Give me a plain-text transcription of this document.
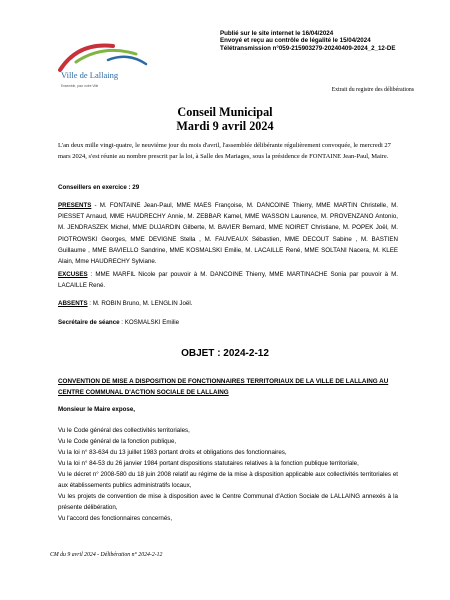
Publié sur le site internet le 16/04/2024
Envoyé et reçu au contrôle de légalité le 15/04/2024
Télétransmission n°059-215903279-20240409-2024_2_12-DE
Ville de Lallaing
Ensemble, pour notre Ville
Extrait du registre des délibérations
Conseil Municipal
Mardi 9 avril 2024
L'an deux mille vingt-quatre, le neuvième jour du mois d'avril, l'assemblée délibérante régulièrement convoquée, le mercredi 27 mars 2024, s'est réunie au nombre prescrit par la loi, à Salle des Mariages, sous la présidence de FONTAINE Jean-Paul, Maire.
Conseillers en exercice : 29
PRESENTS - M. FONTAINE Jean-Paul, MME MAES Françoise, M. DANCOINE Thierry, MME MARTIN Christelle, M. PIESSET Arnaud, MME HAUDRECHY Annie, M. ZEBBAR Kamel, MME WASSON Laurence, M. PROVENZANO Antonio, M. JENDRASZEK Michel, MME DUJARDIN Gilberte, M. BAVIER Bernard, MME NOIRET Christiane, M. POPEK Joël, M. PIOTROWSKI Georges, MME DEVIGNE Stella , M. FAUVEAUX Sébastien, MME DECOUT Sabine , M. BASTIEN Guillaume , MME BAVIELLO Sandrine, MME KOSMALSKI Emilie, M. LACAILLE René, MME SOLTANI Nacera, M. KLEE Alain, Mme HAUDRECHY Sylviane.
EXCUSES : MME MARFIL Nicole par pouvoir à M. DANCOINE Thierry, MME MARTINACHE Sonia par pouvoir à M. LACAILLE René.
ABSENTS : M. ROBIN Bruno, M. LENGLIN Joël.
Secrétaire de séance : KOSMALSKI Emilie
OBJET : 2024-2-12
CONVENTION DE MISE A DISPOSITION DE FONCTIONNAIRES TERRITORIAUX DE LA VILLE DE LALLAING AU CENTRE COMMUNAL D'ACTION SOCIALE DE LALLAING
Monsieur le Maire expose,

Vu le Code général des collectivités territoriales,

Vu le Code général de la fonction publique,

Vu la loi n° 83-634 du 13 juillet 1983 portant droits et obligations des fonctionnaires,

Vu la loi n° 84-53 du 26 janvier 1984 portant dispositions statutaires relatives à la fonction publique territoriale,

Vu le décret n° 2008-580 du 18 juin 2008 relatif au régime de la mise à disposition applicable aux collectivités territoriales et aux établissements publics administratifs locaux,

Vu les projets de convention de mise à disposition avec le Centre Communal d'Action Sociale de LALLAING annexés à la présente délibération,

Vu l'accord des fonctionnaires concernés,

CM du 9 avril 2024 - Délibération n° 2024-2-12
